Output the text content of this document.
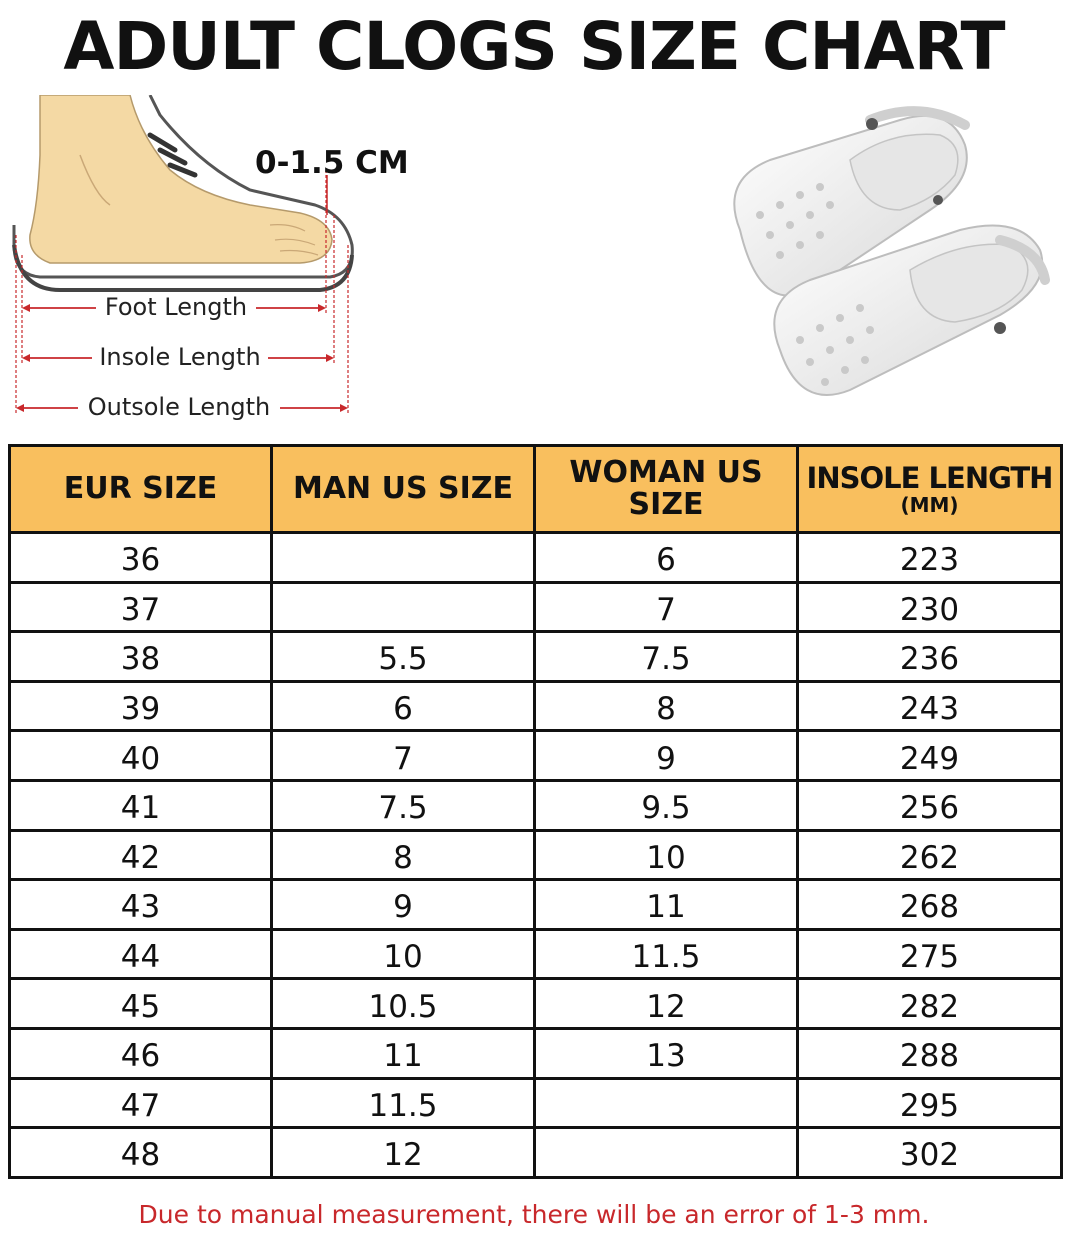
ADULT CLOGS SIZE CHART
0-1.5 CM
Foot Length
Insole Length
Outsole Length
EUR SIZE	MAN US SIZE	WOMAN US SIZE	INSOLE LENGTH
(MM)

36		6	223
37		7	230
38	5.5	7.5	236
39	6	8	243
40	7	9	249
41	7.5	9.5	256
42	8	10	262
43	9	11	268
44	10	11.5	275
45	10.5	12	282
46	11	13	288
47	11.5		295
48	12		302
Due to manual measurement, there will be an error of 1-3 mm.
